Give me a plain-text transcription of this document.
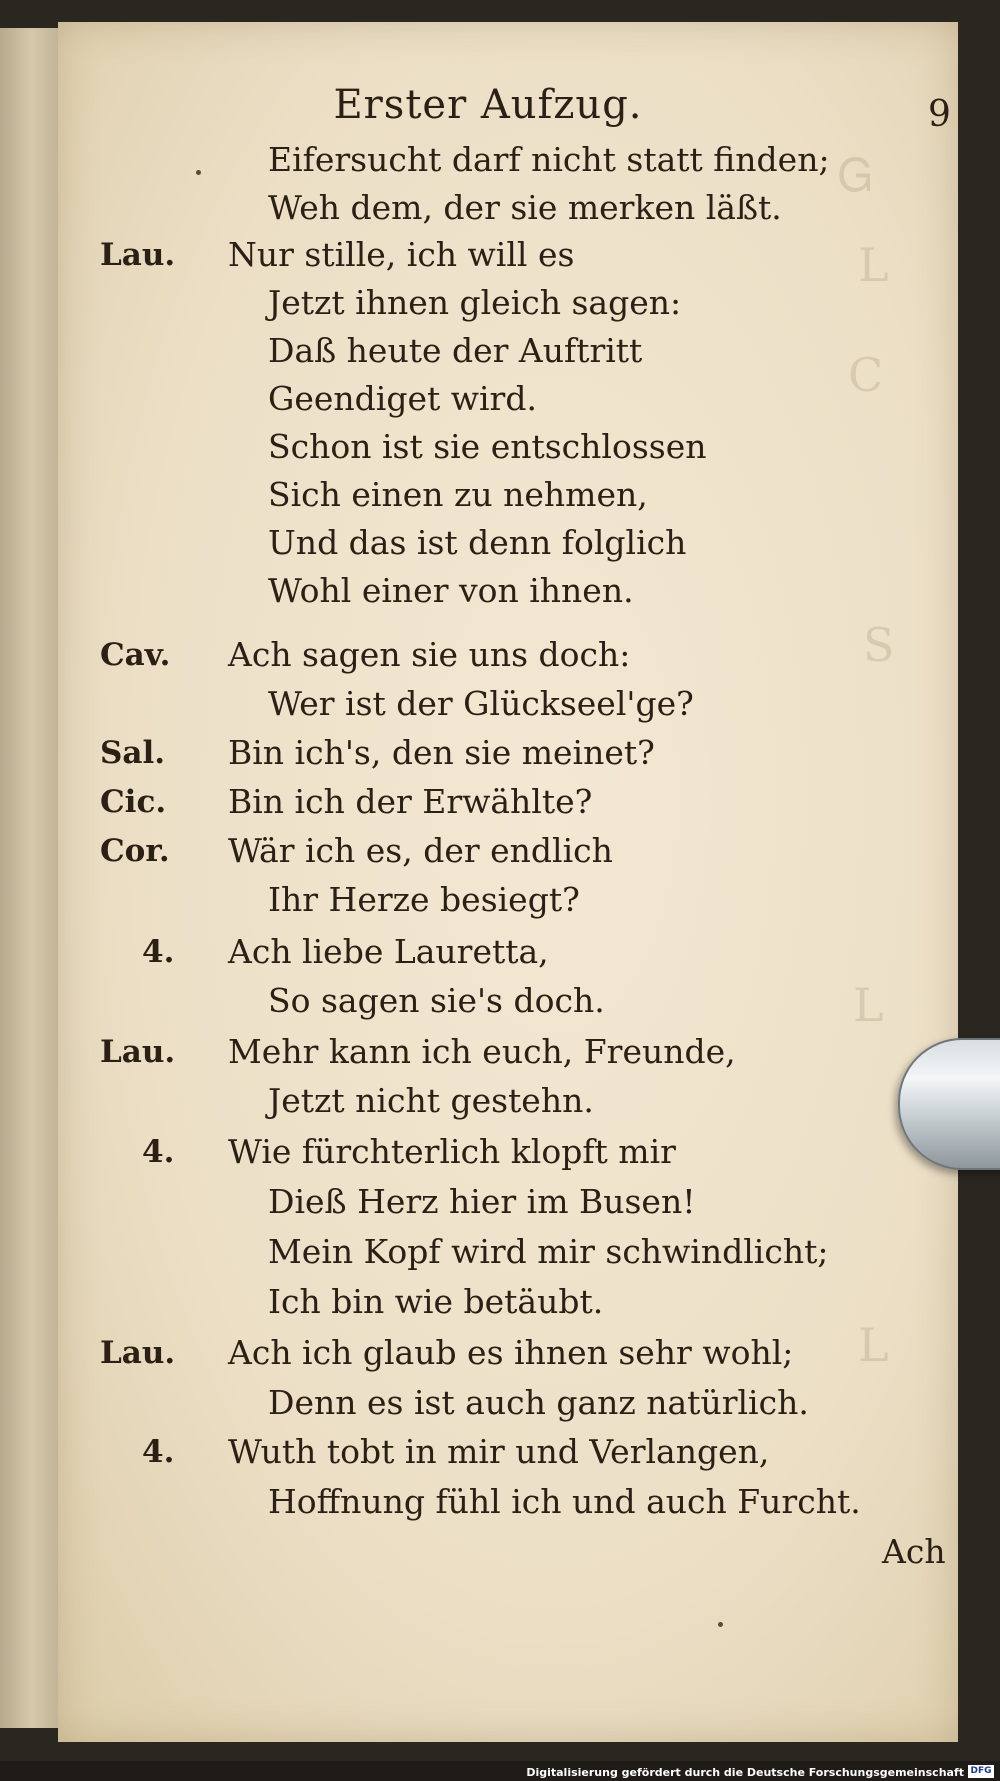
Ꮐ
L
C
S
L
L
Erster Aufzug.	9
Eifersucht darf nicht statt finden;
Weh dem, der sie merken läßt.
Lau. Nur stille, ich will es
Jetzt ihnen gleich sagen:
Daß heute der Auftritt
Geendiget wird.
Schon ist sie entschlossen
Sich einen zu nehmen,
Und das ist denn folglich
Wohl einer von ihnen.
Cav. Ach sagen sie uns doch:
Wer ist der Glückseel'ge?
Sal. Bin ich's, den sie meinet?
Cic. Bin ich der Erwählte?
Cor. Wär ich es, der endlich
Ihr Herze besiegt?
4. Ach liebe Lauretta,
So sagen sie's doch.
Lau. Mehr kann ich euch, Freunde,
Jetzt nicht gestehn.
4. Wie fürchterlich klopft mir
Dieß Herz hier im Busen!
Mein Kopf wird mir schwindlicht;
Ich bin wie betäubt.
Lau. Ach ich glaub es ihnen sehr wohl;
Denn es ist auch ganz natürlich.
4. Wuth tobt in mir und Verlangen,
Hoffnung fühl ich und auch Furcht.
Ach
Digitalisierung gefördert durch die Deutsche Forschungsgemeinschaft DFG
